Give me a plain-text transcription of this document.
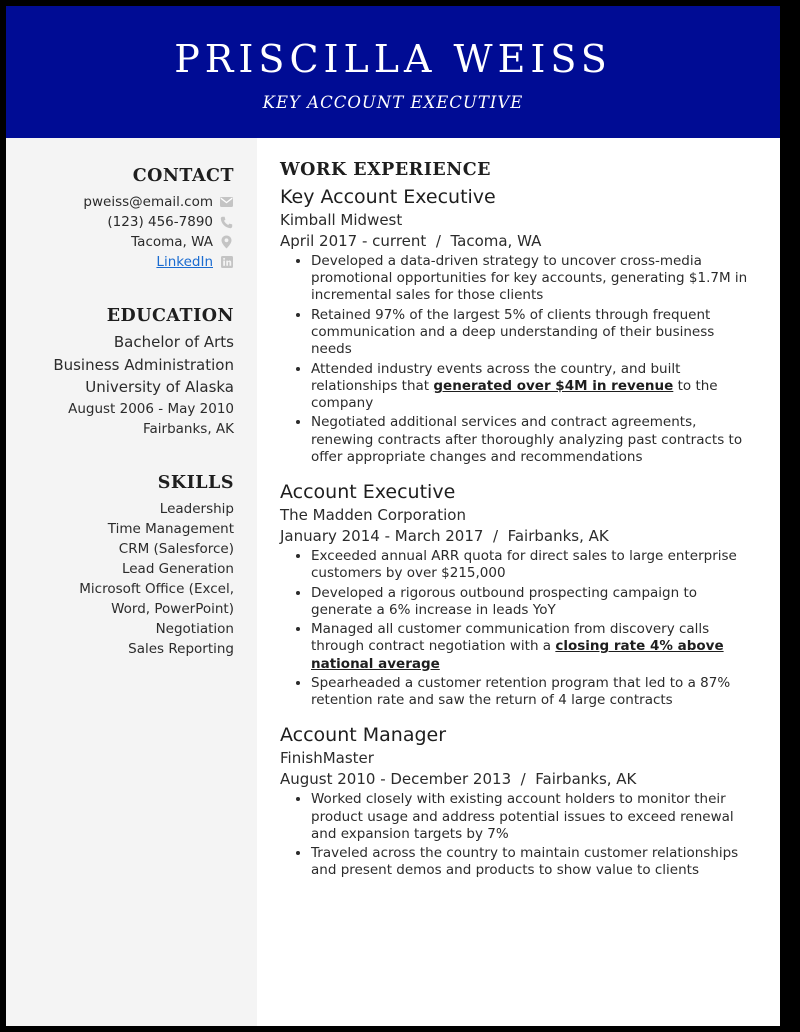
PRISCILLA WEISS
KEY ACCOUNT EXECUTIVE
CONTACT
pweiss@email.com
(123) 456-7890
Tacoma, WA
LinkedIn
EDUCATION
Bachelor of Arts
Business Administration
University of Alaska
August 2006 - May 2010
Fairbanks, AK
SKILLS
Leadership
Time Management
CRM (Salesforce)
Lead Generation
Microsoft Office (Excel,
Word, PowerPoint)
Negotiation
Sales Reporting
WORK EXPERIENCE
Key Account Executive
Kimball Midwest
April 2017 - current  /  Tacoma, WA
• Developed a data-driven strategy to uncover cross-media promotional opportunities for key accounts, generating $1.7M in incremental sales for those clients
• Retained 97% of the largest 5% of clients through frequent communication and a deep understanding of their business needs
• Attended industry events across the country, and built relationships that generated over $4M in revenue to the company
• Negotiated additional services and contract agreements, renewing contracts after thoroughly analyzing past contracts to offer appropriate changes and recommendations
Account Executive
The Madden Corporation
January 2014 - March 2017  /  Fairbanks, AK
• Exceeded annual ARR quota for direct sales to large enterprise customers by over $215,000
• Developed a rigorous outbound prospecting campaign to generate a 6% increase in leads YoY
• Managed all customer communication from discovery calls through contract negotiation with a closing rate 4% above national average
• Spearheaded a customer retention program that led to a 87% retention rate and saw the return of 4 large contracts
Account Manager
FinishMaster
August 2010 - December 2013  /  Fairbanks, AK
• Worked closely with existing account holders to monitor their product usage and address potential issues to exceed renewal and expansion targets by 7%
• Traveled across the country to maintain customer relationships and present demos and products to show value to clients
